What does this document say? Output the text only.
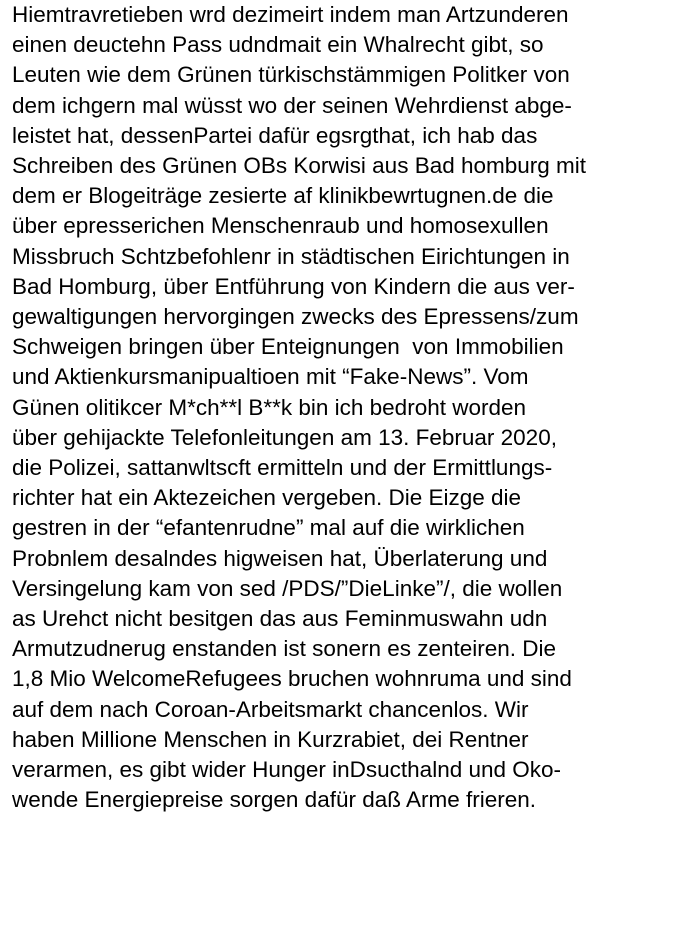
Hiemtravretieben wrd dezimeirt indem man Artzunderen
einen deuctehn Pass udndmait ein Whalrecht gibt, so
Leuten wie dem Grünen türkischstämmigen Politker von
dem ichgern mal wüsst wo der seinen Wehrdienst abge-
leistet hat, dessenPartei dafür egsrgthat, ich hab das
Schreiben des Grünen OBs Korwisi aus Bad homburg mit
dem er Blogeiträge zesierte af klinikbewrtugnen.de die
über epresserichen Menschenraub und homosexullen
Missbruch Schtzbefohlenr in städtischen Eirichtungen in
Bad Homburg, über Entführung von Kindern die aus ver-
gewaltigungen hervorgingen zwecks des Epressens/zum
Schweigen bringen über Enteignungen  von Immobilien
und Aktienkursmanipualtioen mit “Fake-News”. Vom
Günen olitikcer M*ch**l B**k bin ich bedroht worden
über gehijackte Telefonleitungen am 13. Februar 2020,
die Polizei, sattanwltscft ermitteln und der Ermittlungs-
richter hat ein Aktezeichen vergeben. Die Eizge die
gestren in der “efantenrudne” mal auf die wirklichen
Probnlem desalndes higweisen hat, Überlaterung und
Versingelung kam von sed /PDS/”DieLinke”/, die wollen
as Urehct nicht besitgen das aus Feminmuswahn udn
Armutzudnerug enstanden ist sonern es zenteiren. Die
1,8 Mio WelcomeRefugees bruchen wohnruma und sind
auf dem nach Coroan-Arbeitsmarkt chancenlos. Wir
haben Millione Menschen in Kurzrabiet, dei Rentner
verarmen, es gibt wider Hunger inDsucthalnd und Oko-
wende Energiepreise sorgen dafür daß Arme frieren.
